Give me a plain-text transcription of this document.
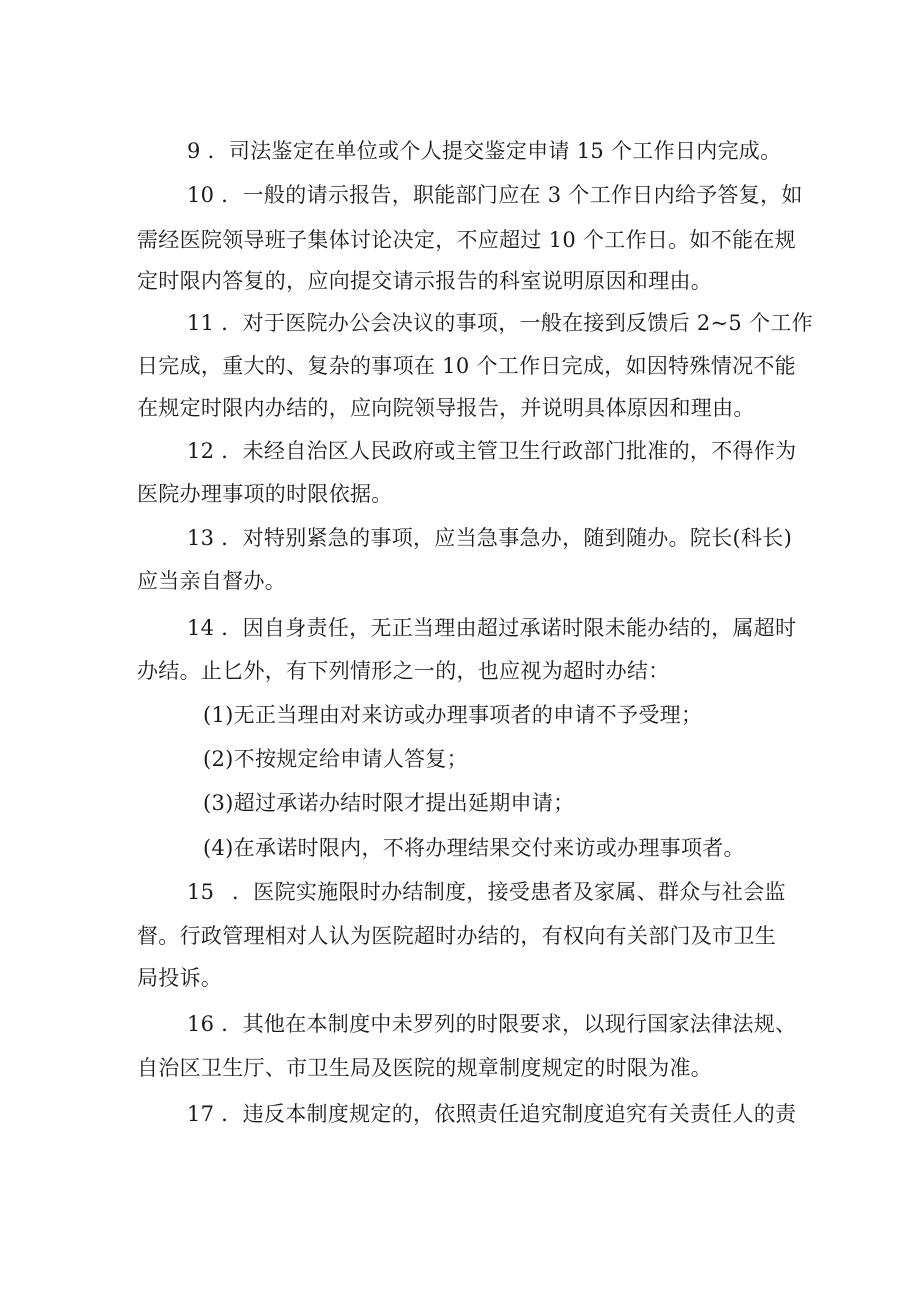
9 ．司法鉴定在单位或个人提交鉴定申请 15 个工作日内完成。
10 ．一般的请示报告，职能部门应在 3 个工作日内给予答复，如
需经医院领导班子集体讨论决定，不应超过 10 个工作日。如不能在规
定时限内答复的，应向提交请示报告的科室说明原因和理由。
11 ．对于医院办公会决议的事项，一般在接到反馈后 2~5 个工作
日完成，重大的、复杂的事项在 10 个工作日完成，如因特殊情况不能
在规定时限内办结的，应向院领导报告，并说明具体原因和理由。
12 ．未经自治区人民政府或主管卫生行政部门批准的，不得作为
医院办理事项的时限依据。
13 ．对特别紧急的事项，应当急事急办，随到随办。院长(科长)
应当亲自督办。
14 ．因自身责任，无正当理由超过承诺时限未能办结的，属超时
办结。止匕外，有下列情形之一的，也应视为超时办结：
(1)无正当理由对来访或办理事项者的申请不予受理；
(2)不按规定给申请人答复；
(3)超过承诺办结时限才提出延期申请；
(4)在承诺时限内，不将办理结果交付来访或办理事项者。
15 ．医院实施限时办结制度，接受患者及家属、群众与社会监
督。行政管理相对人认为医院超时办结的，有权向有关部门及市卫生
局投诉。
16 ．其他在本制度中未罗列的时限要求，以现行国家法律法规、
自治区卫生厅、市卫生局及医院的规章制度规定的时限为准。
17 ．违反本制度规定的，依照责任追究制度追究有关责任人的责
